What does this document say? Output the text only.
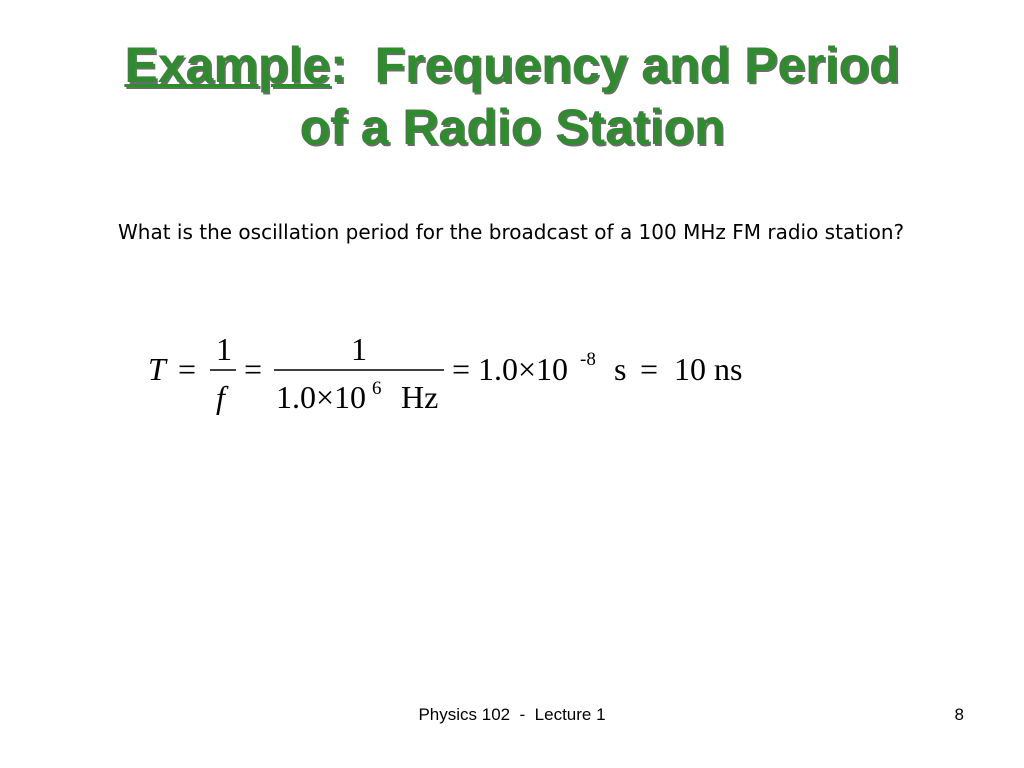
Example:  Frequency and Period
of a Radio Station
What is the oscillation period for the broadcast of a 100 MHz FM radio station?
T =
1
f
=
1
1.0×10 6 Hz
= 1.0×10 -8 s = 10 ns
Physics 102  -  Lecture 1	8
